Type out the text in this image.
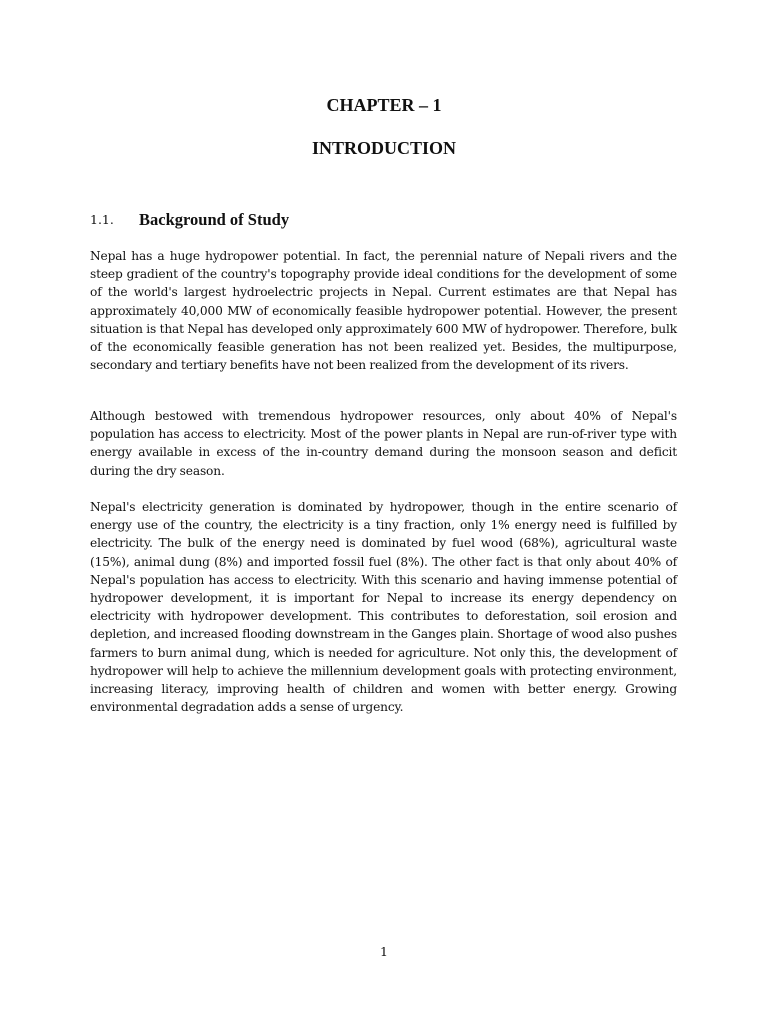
CHAPTER – 1
INTRODUCTION
1.1. Background of Study

Nepal has a huge hydropower potential. In fact, the perennial nature of Nepali rivers and the steep gradient of the country's topography provide ideal conditions for the development of some of the world's largest hydroelectric projects in Nepal. Current estimates are that Nepal has approximately 40,000 MW of economically feasible hydropower potential. However, the present situation is that Nepal has developed only approximately 600 MW of hydropower. Therefore, bulk of the economically feasible generation has not been realized yet. Besides, the multipurpose, secondary and tertiary benefits have not been realized from the development of its rivers.

Although bestowed with tremendous hydropower resources, only about 40% of Nepal's population has access to electricity. Most of the power plants in Nepal are run-of-river type with energy available in excess of the in-country demand during the monsoon season and deficit during the dry season.

Nepal's electricity generation is dominated by hydropower, though in the entire scenario of energy use of the country, the electricity is a tiny fraction, only 1% energy need is fulfilled by electricity. The bulk of the energy need is dominated by fuel wood (68%), agricultural waste (15%), animal dung (8%) and imported fossil fuel (8%). The other fact is that only about 40% of Nepal's population has access to electricity. With this scenario and having immense potential of hydropower development, it is important for Nepal to increase its energy dependency on electricity with hydropower development. This contributes to deforestation, soil erosion and depletion, and increased flooding downstream in the Ganges plain. Shortage of wood also pushes farmers to burn animal dung, which is needed for agriculture. Not only this, the development of hydropower will help to achieve the millennium development goals with protecting environment, increasing literacy, improving health of children and women with better energy. Growing environmental degradation adds a sense of urgency.

1
